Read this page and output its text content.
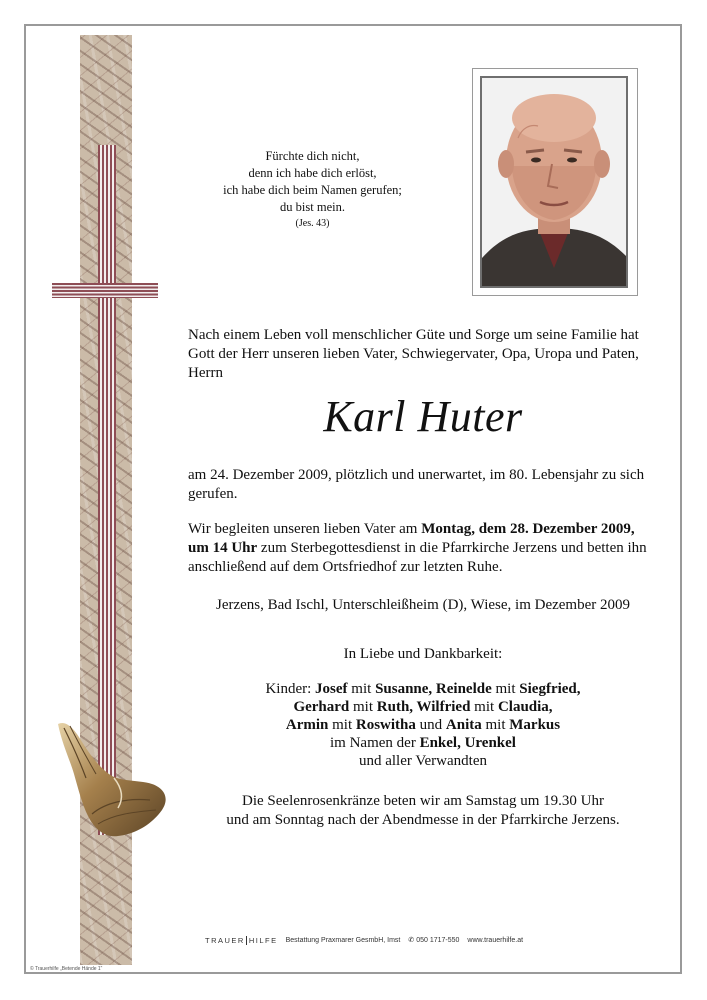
Fürchte dich nicht,
denn ich habe dich erlöst,
ich habe dich beim Namen gerufen;
du bist mein.
(Jes. 43)
Nach einem Leben voll menschlicher Güte und Sorge um seine Familie hat Gott der Herr unseren lieben Vater, Schwiegervater, Opa, Uropa und Paten, Herrn
Karl Huter
am 24. Dezember 2009, plötzlich und unerwartet, im 80. Lebensjahr zu sich gerufen.
Wir begleiten unseren lieben Vater am Montag, dem 28. Dezember 2009, um 14 Uhr zum Sterbegottesdienst in die Pfarrkirche Jerzens und betten ihn anschließend auf dem Ortsfriedhof zur letzten Ruhe.
Jerzens, Bad Ischl, Unterschleißheim (D), Wiese, im Dezember 2009
In Liebe und Dankbarkeit:
Kinder: Josef mit Susanne, Reinelde mit Siegfried,
Gerhard mit Ruth, Wilfried mit Claudia,
Armin mit Roswitha und Anita mit Markus
im Namen der Enkel, Urenkel
und aller Verwandten
Die Seelenrosenkränze beten wir am Samstag um 19.30 Uhr
und am Sonntag nach der Abendmesse in der Pfarrkirche Jerzens.
TRAUER HILFE Bestattung Praxmarer GesmbH, Imst ✆ 050 1717-550 www.trauerhilfe.at
© Trauerhilfe „Betende Hände 1“
